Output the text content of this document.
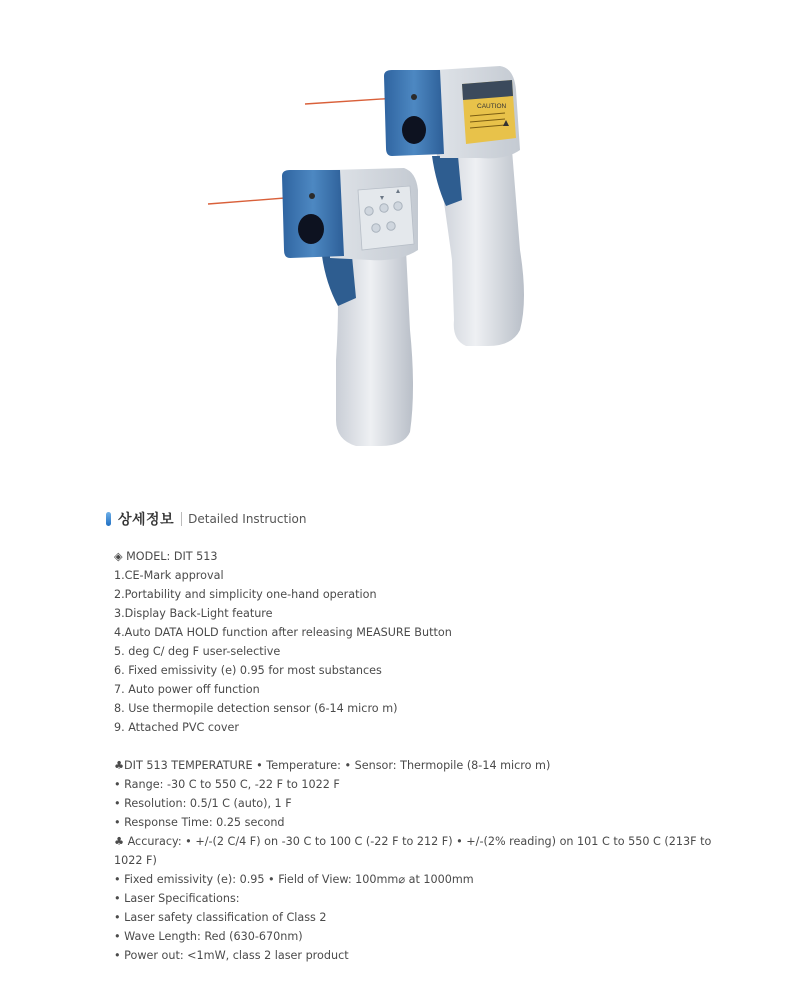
CAUTION
상세정보 Detailed Instruction
◈ MODEL: DIT 513
1.CE-Mark approval
2.Portability and simplicity one-hand operation
3.Display Back-Light feature
4.Auto DATA HOLD function after releasing MEASURE Button
5. deg C/ deg F user-selective
6. Fixed emissivity (e) 0.95 for most substances
7. Auto power off function
8. Use thermopile detection sensor (6-14 micro m)
9. Attached PVC cover
♣DIT 513 TEMPERATURE • Temperature: • Sensor: Thermopile (8-14 micro m)
• Range: -30 C to 550 C, -22 F to 1022 F
• Resolution: 0.5/1 C (auto), 1 F
• Response Time: 0.25 second
♣ Accuracy: • +/-(2 C/4 F) on -30 C to 100 C (-22 F to 212 F) • +/-(2% reading) on 101 C to 550 C (213F to 1022 F)
• Fixed emissivity (e): 0.95 • Field of View: 100mm⌀ at 1000mm
• Laser Specifications:
• Laser safety classification of Class 2
• Wave Length: Red (630-670nm)
• Power out: <1mW, class 2 laser product
